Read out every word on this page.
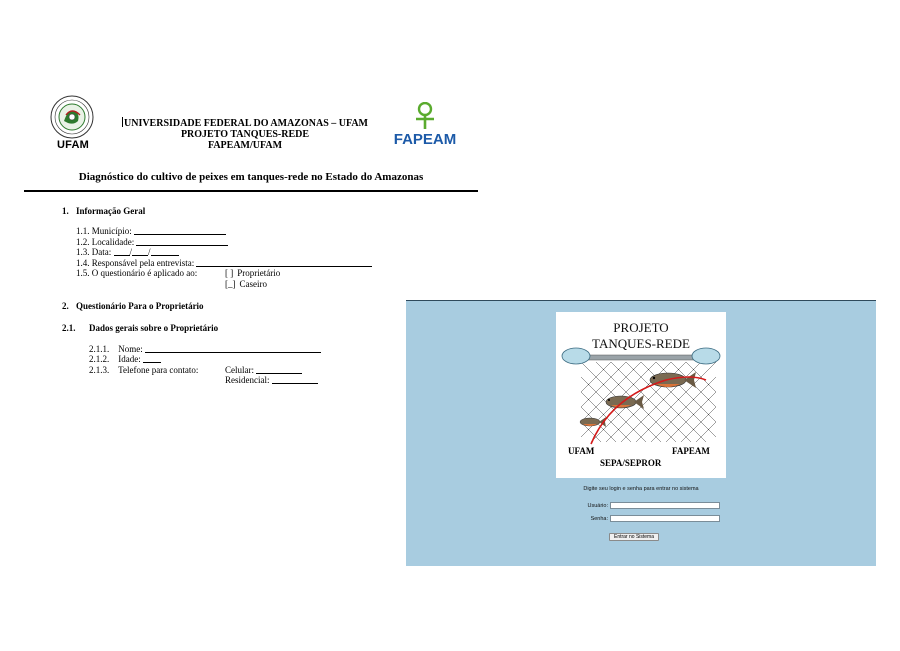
UFAM
UNIVERSIDADE FEDERAL DO AMAZONAS – UFAM
PROJETO TANQUES-REDE
FAPEAM/UFAM	FAPEAM
Diagnóstico do cultivo de peixes em tanques-rede no Estado do Amazonas
1. Informação Geral
1.1. Município:
1.2. Localidade:
1.3. Data: / /
1.4. Responsável pela entrevista:
1.5. O questionário é aplicado ao:	[ ] Proprietário
[_] Caseiro
2. Questionário Para o Proprietário
2.1. Dados gerais sobre o Proprietário
2.1.1. Nome:
2.1.2. Idade:
2.1.3. Telefone para contato:	Celular:
Residencial:
PROJETO
TANQUES-REDE
UFAM	FAPEAM
SEPA/SEPROR
Digite seu login e senha para entrar no sistema
Usuário:
Senha:
Entrar no Sistema
